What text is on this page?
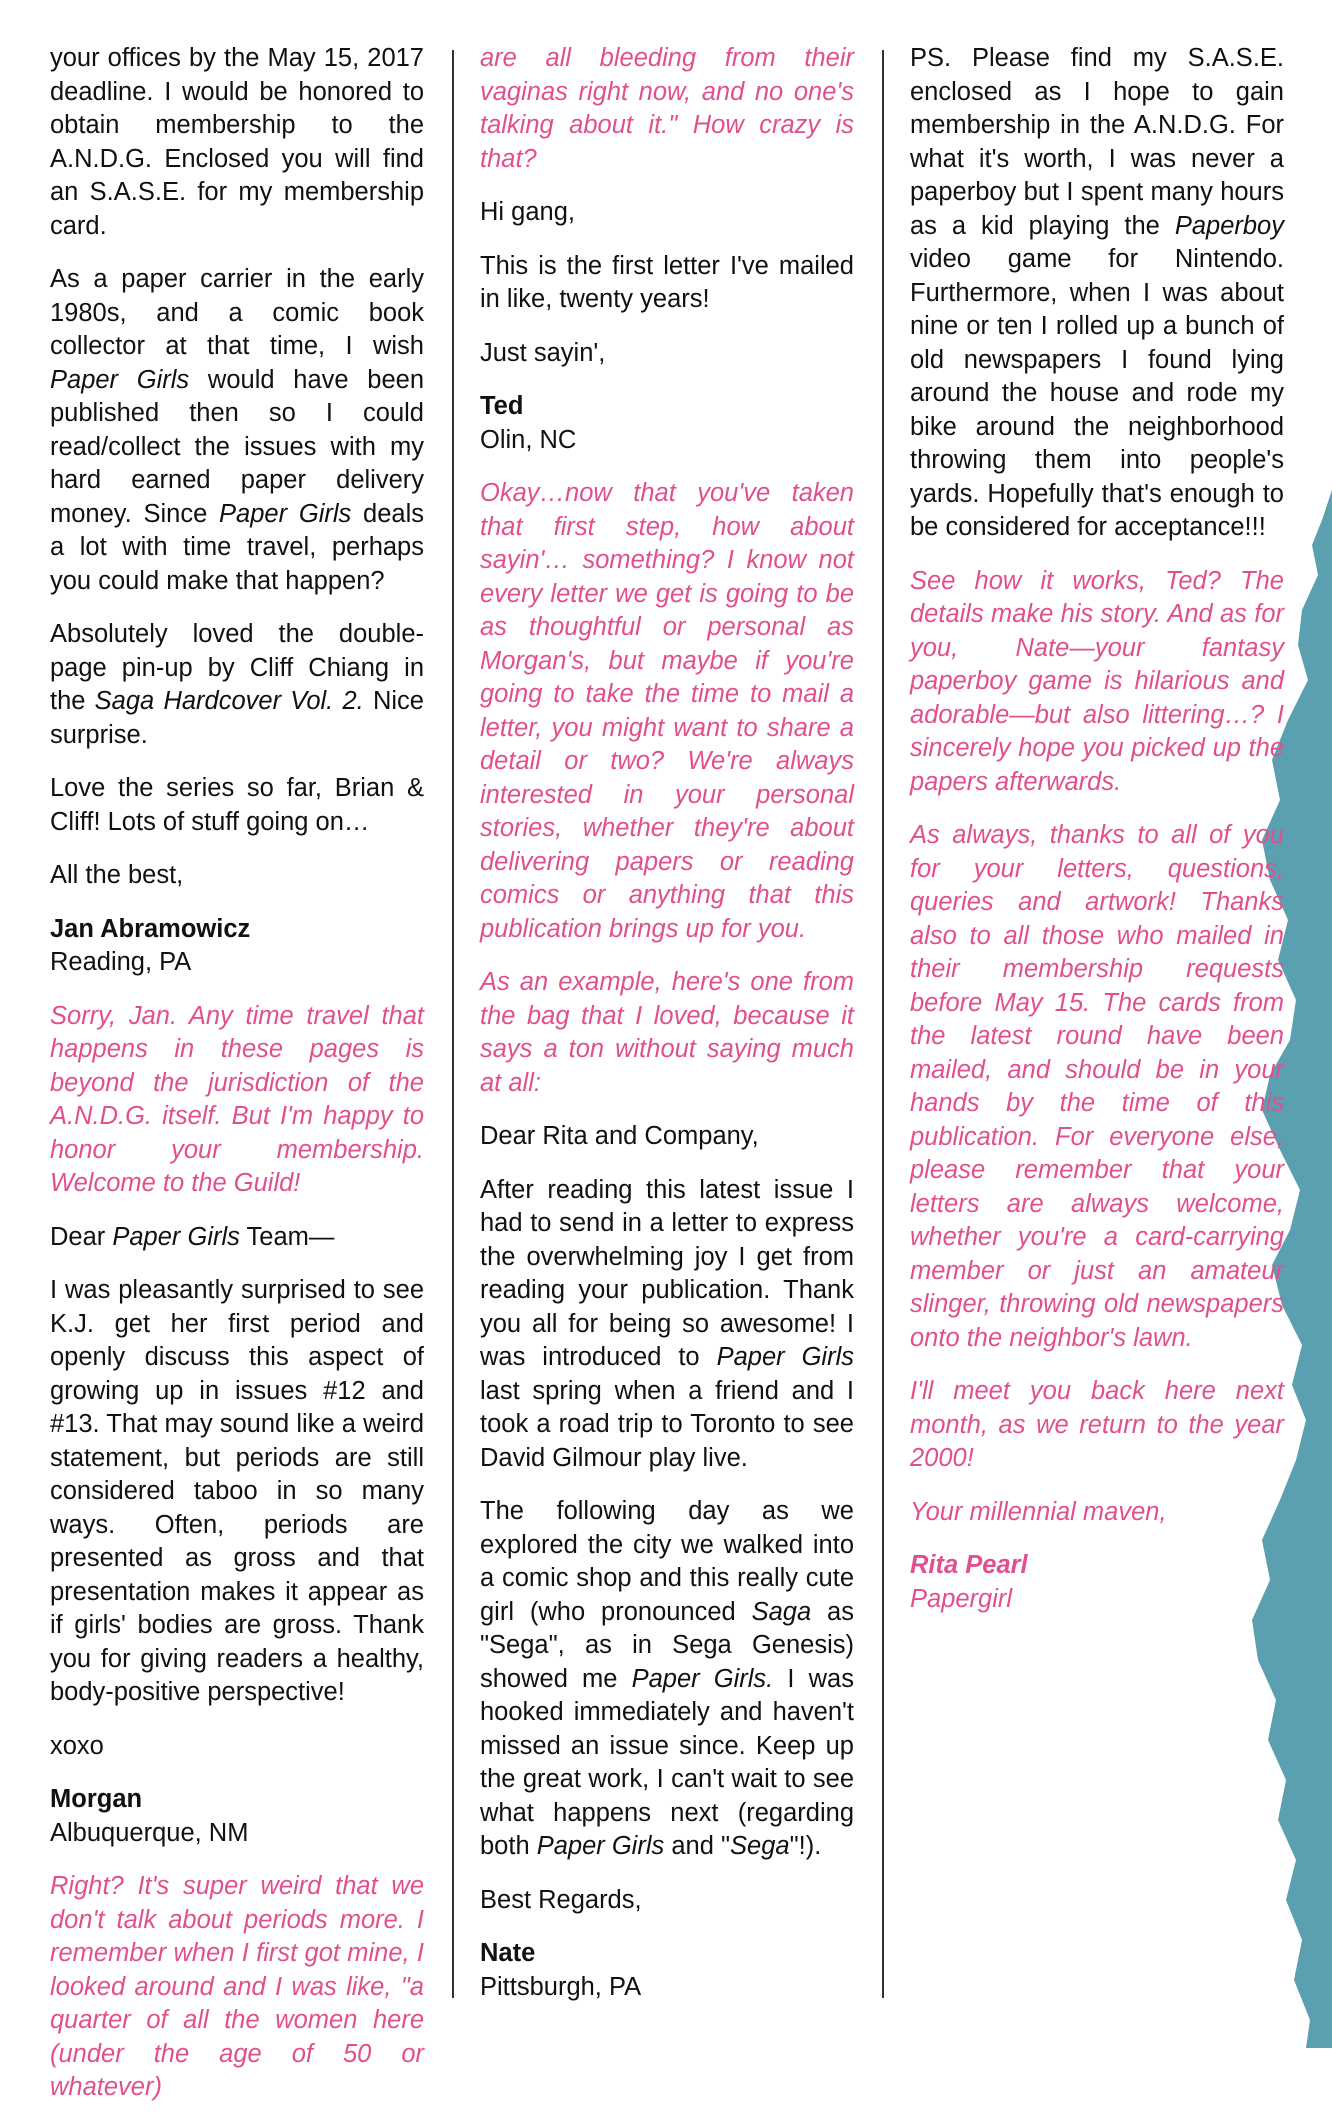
your offices by the May 15, 2017 deadline. I would be honored to obtain membership to the A.N.D.G. Enclosed you will find an S.A.S.E. for my membership card.

As a paper carrier in the early 1980s, and a comic book collector at that time, I wish Paper Girls would have been published then so I could read/collect the issues with my hard earned paper delivery money. Since Paper Girls deals a lot with time travel, perhaps you could make that happen?

Absolutely loved the double-page pin-up by Cliff Chiang in the Saga Hardcover Vol. 2. Nice surprise.

Love the series so far, Brian & Cliff! Lots of stuff going on…

All the best,

Jan Abramowicz
Reading, PA

Sorry, Jan. Any time travel that happens in these pages is beyond the jurisdiction of the A.N.D.G. itself. But I'm happy to honor your membership. Welcome to the Guild!

Dear Paper Girls Team—

I was pleasantly surprised to see K.J. get her first period and openly discuss this aspect of growing up in issues #12 and #13. That may sound like a weird statement, but periods are still considered taboo in so many ways. Often, periods are presented as gross and that presentation makes it appear as if girls' bodies are gross. Thank you for giving readers a healthy, body-positive perspective!

xoxo

Morgan
Albuquerque, NM

Right? It's super weird that we don't talk about periods more. I remember when I first got mine, I looked around and I was like, "a quarter of all the women here (under the age of 50 or whatever)

are all bleeding from their vaginas right now, and no one's talking about it." How crazy is that?

Hi gang,

This is the first letter I've mailed in like, twenty years!

Just sayin',

Ted
Olin, NC

Okay…now that you've taken that first step, how about sayin'… something? I know not every letter we get is going to be as thoughtful or personal as Morgan's, but maybe if you're going to take the time to mail a letter, you might want to share a detail or two? We're always interested in your personal stories, whether they're about delivering papers or reading comics or anything that this publication brings up for you.

As an example, here's one from the bag that I loved, because it says a ton without saying much at all:

Dear Rita and Company,

After reading this latest issue I had to send in a letter to express the overwhelming joy I get from reading your publication. Thank you all for being so awesome! I was introduced to Paper Girls last spring when a friend and I took a road trip to Toronto to see David Gilmour play live.

The following day as we explored the city we walked into a comic shop and this really cute girl (who pronounced Saga as "Sega", as in Sega Genesis) showed me Paper Girls. I was hooked immediately and haven't missed an issue since. Keep up the great work, I can't wait to see what happens next (regarding both Paper Girls and "Sega"!).

Best Regards,

Nate
Pittsburgh, PA

PS. Please find my S.A.S.E. enclosed as I hope to gain membership in the A.N.D.G. For what it's worth, I was never a paperboy but I spent many hours as a kid playing the Paperboy video game for Nintendo. Furthermore, when I was about nine or ten I rolled up a bunch of old newspapers I found lying around the house and rode my bike around the neighborhood throwing them into people's yards. Hopefully that's enough to be considered for acceptance!!!

See how it works, Ted? The details make his story. And as for you, Nate—your fantasy paperboy game is hilarious and adorable—but also littering…? I sincerely hope you picked up the papers afterwards.

As always, thanks to all of you for your letters, questions, queries and artwork! Thanks also to all those who mailed in their membership requests before May 15. The cards from the latest round have been mailed, and should be in your hands by the time of this publication. For everyone else, please remember that your letters are always welcome, whether you're a card-carrying member or just an amateur slinger, throwing old newspapers onto the neighbor's lawn.

I'll meet you back here next month, as we return to the year 2000!

Your millennial maven,

Rita Pearl
Papergirl
